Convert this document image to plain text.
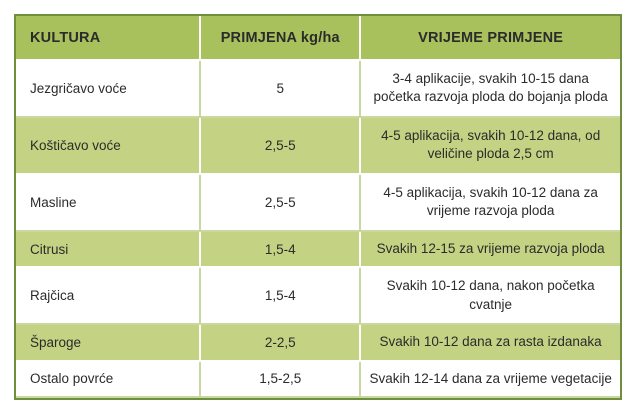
KULTURA	PRIMJENA kg/ha	VRIJEME PRIMJENE
Jezgričavo voće	5	3-4 aplikacije, svakih 10-15 dana početka razvoja ploda do bojanja ploda
Koštičavo voće	2,5-5	4-5 aplikacija, svakih 10-12 dana, od veličine ploda 2,5 cm
Masline	2,5-5	4-5 aplikacija, svakih 10-12 dana za vrijeme razvoja ploda
Citrusi	1,5-4	Svakih 12-15 za vrijeme razvoja ploda
Rajčica	1,5-4	Svakih 10-12 dana, nakon početka cvatnje
Šparoge	2-2,5	Svakih 10-12 dana za rasta izdanaka
Ostalo povrće	1,5-2,5	Svakih 12-14 dana za vrijeme vegetacije
